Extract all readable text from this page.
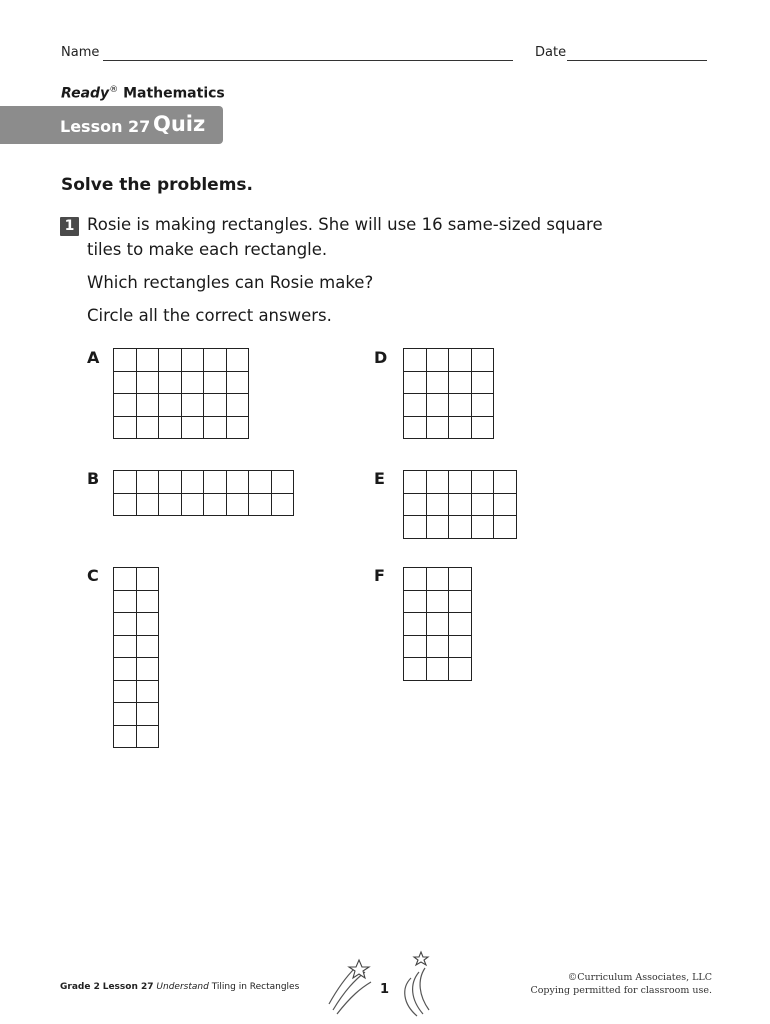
Name	Date
Ready® Mathematics
Lesson 27 Quiz
Solve the problems.
1 Rosie is making rectangles. She will use 16 same-sized square
tiles to make each rectangle.
Which rectangles can Rosie make?
Circle all the correct answers.
A
B
C
D
E
F
Grade 2 Lesson 27 Understand Tiling in Rectangles	1
©Curriculum Associates, LLC
Copying permitted for classroom use.
